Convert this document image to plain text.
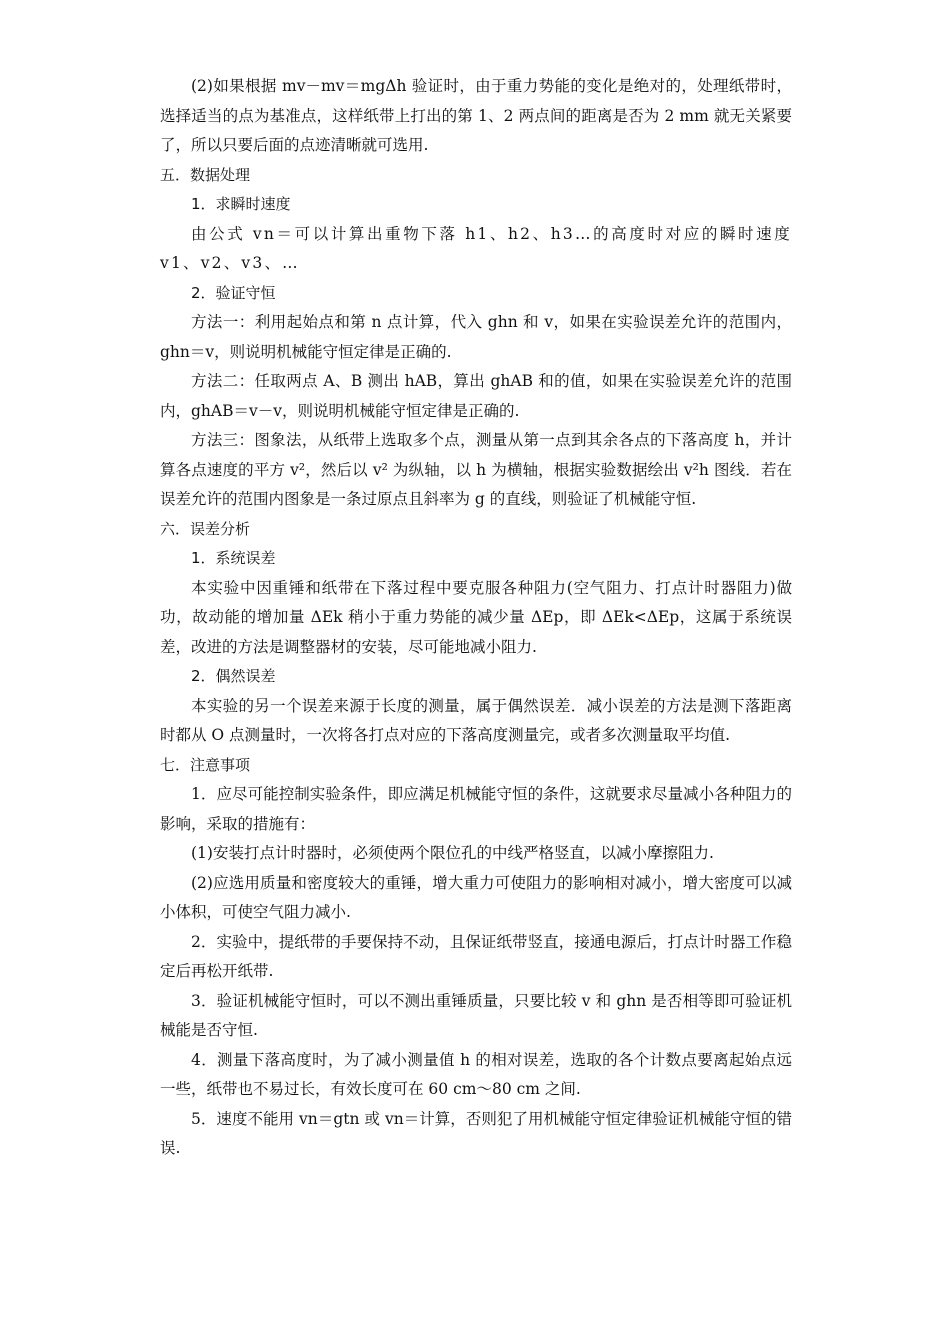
(2)如果根据 mv－mv＝mgΔh 验证时，由于重力势能的变化是绝对的，处理纸带时，选择适当的点为基准点，这样纸带上打出的第 1、2 两点间的距离是否为 2 mm 就无关紧要了，所以只要后面的点迹清晰就可选用.

五．数据处理

1．求瞬时速度

由公式 vn＝可以计算出重物下落 h1、h2、h3…的高度时对应的瞬时速度 v1、v2、v3、…

2．验证守恒

方法一：利用起始点和第 n 点计算，代入 ghn 和 v，如果在实验误差允许的范围内，ghn＝v，则说明机械能守恒定律是正确的.

方法二：任取两点 A、B 测出 hAB，算出 ghAB 和的值，如果在实验误差允许的范围内，ghAB＝v－v，则说明机械能守恒定律是正确的.

方法三：图象法，从纸带上选取多个点，测量从第一点到其余各点的下落高度 h，并计算各点速度的平方 v²，然后以 v² 为纵轴，以 h 为横轴，根据实验数据绘出 v²h 图线．若在误差允许的范围内图象是一条过原点且斜率为 g 的直线，则验证了机械能守恒.

六．误差分析

1．系统误差

本实验中因重锤和纸带在下落过程中要克服各种阻力(空气阻力、打点计时器阻力)做功，故动能的增加量 ΔEk 稍小于重力势能的减少量 ΔEp，即 ΔEk<ΔEp，这属于系统误差，改进的方法是调整器材的安装，尽可能地减小阻力.

2．偶然误差

本实验的另一个误差来源于长度的测量，属于偶然误差．减小误差的方法是测下落距离时都从 O 点测量时，一次将各打点对应的下落高度测量完，或者多次测量取平均值.

七．注意事项

1．应尽可能控制实验条件，即应满足机械能守恒的条件，这就要求尽量减小各种阻力的影响，采取的措施有：

(1)安装打点计时器时，必须使两个限位孔的中线严格竖直，以减小摩擦阻力.

(2)应选用质量和密度较大的重锤，增大重力可使阻力的影响相对减小，增大密度可以减小体积，可使空气阻力减小.

2．实验中，提纸带的手要保持不动，且保证纸带竖直，接通电源后，打点计时器工作稳定后再松开纸带.

3．验证机械能守恒时，可以不测出重锤质量，只要比较 v 和 ghn 是否相等即可验证机械能是否守恒.

4．测量下落高度时，为了减小测量值 h 的相对误差，选取的各个计数点要离起始点远一些，纸带也不易过长，有效长度可在 60 cm～80 cm 之间.

5．速度不能用 vn＝gtn 或 vn＝计算，否则犯了用机械能守恒定律验证机械能守恒的错误.
